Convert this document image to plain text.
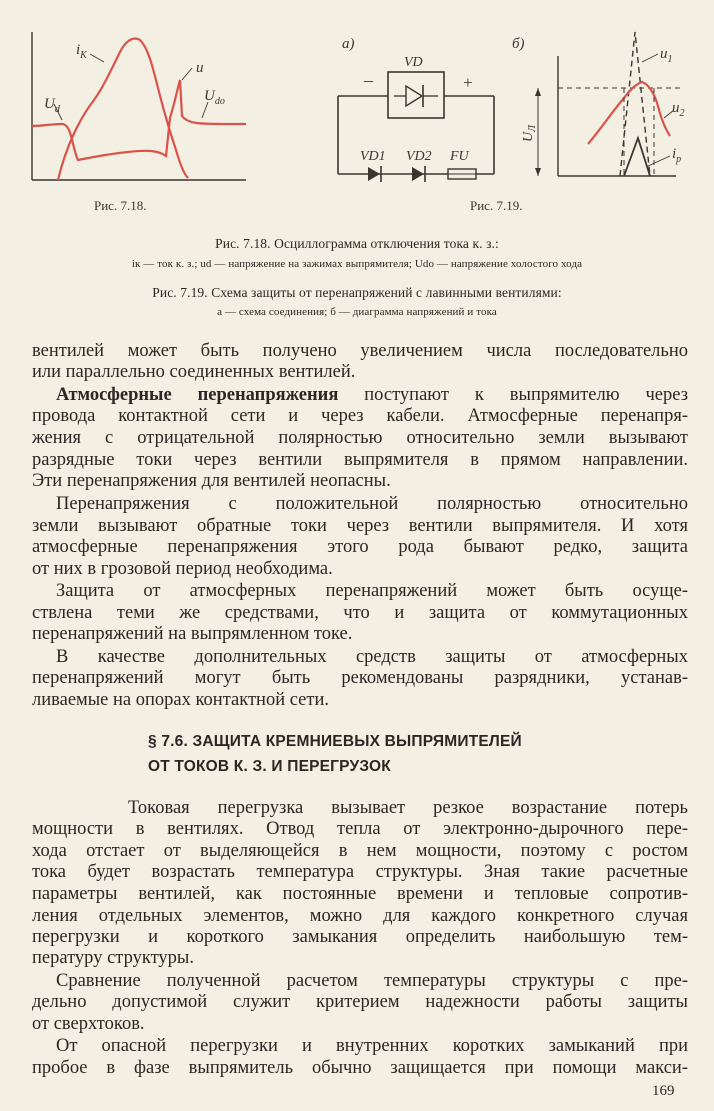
$i_K$
u
$U_d$
$U_{do}$
Рис. 7.18.
а)
VD
–	+
VD1 VD2 FU
б)
$U_Л$
$u_1$
$u_2$
$i_p$
Рис. 7.19.
Рис. 7.18. Осциллограмма отключения тока к. з.:
iк — ток к. з.; ud — напряжение на зажимах выпрямителя; Udo — напряжение холостого хода
Рис. 7.19. Схема защиты от перенапряжений с лавинными вентилями:
а — схема соединения; б — диаграмма напряжений и тока
вентилей может быть получено увеличением числа последовательно
или параллельно соединенных вентилей.
Атмосферные перенапряжения поступают к выпрямителю через
провода контактной сети и через кабели. Атмосферные перенапря-
жения с отрицательной полярностью относительно земли вызывают
разрядные токи через вентили выпрямителя в прямом направлении.
Эти перенапряжения для вентилей неопасны.
Перенапряжения с положительной полярностью относительно
земли вызывают обратные токи через вентили выпрямителя. И хотя
атмосферные перенапряжения этого рода бывают редко, защита
от них в грозовой период необходима.
Защита от атмосферных перенапряжений может быть осуще-
ствлена теми же средствами, что и защита от коммутационных
перенапряжений на выпрямленном токе.
В качестве дополнительных средств защиты от атмосферных
перенапряжений могут быть рекомендованы разрядники, устанав-
ливаемые на опорах контактной сети.
§ 7.6. ЗАЩИТА КРЕМНИЕВЫХ ВЫПРЯМИТЕЛЕЙ
ОТ ТОКОВ К. З. И ПЕРЕГРУЗОК
Токовая перегрузка вызывает резкое возрастание потерь
мощности в вентилях. Отвод тепла от электронно-дырочного пере-
хода отстает от выделяющейся в нем мощности, поэтому с ростом
тока будет возрастать температура структуры. Зная такие расчетные
параметры вентилей, как постоянные времени и тепловые сопротив-
ления отдельных элементов, можно для каждого конкретного случая
перегрузки и короткого замыкания определить наибольшую тем-
пературу структуры.
Сравнение полученной расчетом температуры структуры с пре-
дельно допустимой служит критерием надежности работы защиты
от сверхтоков.
От опасной перегрузки и внутренних коротких замыканий при
пробое в фазе выпрямитель обычно защищается при помощи макси-
169
